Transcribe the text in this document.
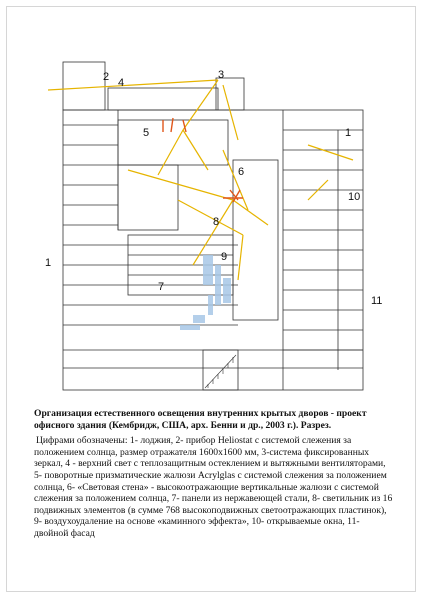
2 4
3
5	1
6
10
8
9
1
7
11

Организация естественного освещения внутренних крытых дворов - проект офисного здания (Кембридж, США, арх. Бенни и др., 2003 г.). Разрез.

Цифрами обозначены: 1- лоджия, 2- прибор Heliostat с системой слежения за положением солнца, размер отражателя 1600х1600 мм, 3-система фиксированных зеркал, 4 - верхний свет с теплозащитным остеклением и вытяжными вентиляторами, 5- поворотные призматические жалюзи Acrylglas с системой слежения за положением солнца, 6- «Световая стена» - высокоотражающие вертикальные жалюзи с системой слежения за положением солнца, 7- панели из нержавеющей стали, 8- светильник из 16 подвижных элементов (в сумме 768 высокоподвижных светоотражающих пластинок), 9- воздухоудаление на основе «каминного эффекта», 10- открываемые окна, 11- двойной фасад
